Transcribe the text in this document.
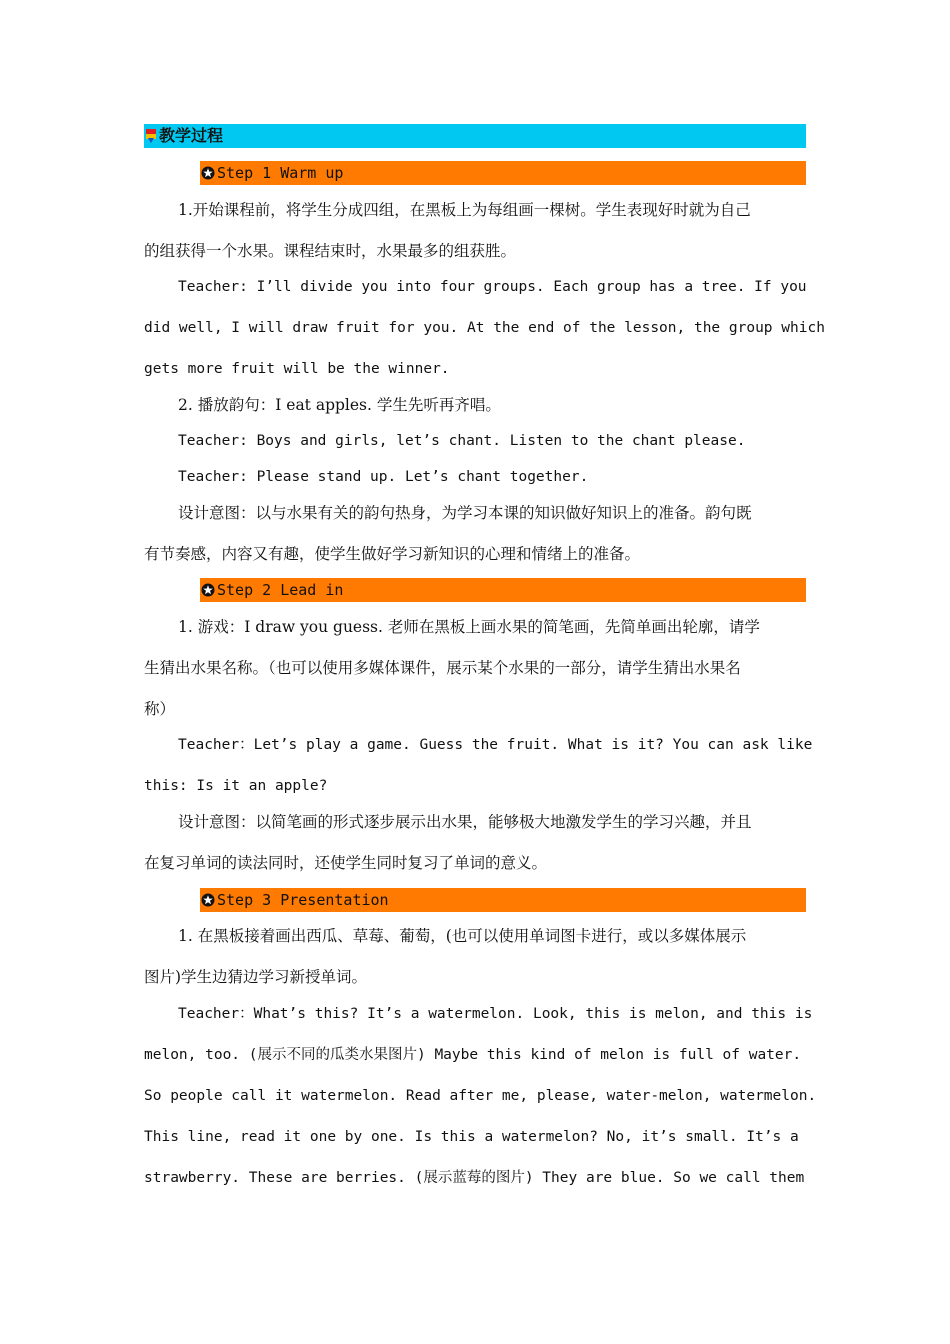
教学过程
Step 1 Warm up
1.开始课程前，将学生分成四组，在黑板上为每组画一棵树。学生表现好时就为自己
的组获得一个水果。课程结束时，水果最多的组获胜。
Teacher: I’ll divide you into four groups. Each group has a tree. If you
did well, I will draw fruit for you. At the end of the lesson, the group which
gets more fruit will be the winner.
2. 播放韵句：I eat apples. 学生先听再齐唱。
Teacher: Boys and girls, let’s chant. Listen to the chant please.
Teacher: Please stand up. Let’s chant together.
设计意图：以与水果有关的韵句热身，为学习本课的知识做好知识上的准备。韵句既
有节奏感，内容又有趣，使学生做好学习新知识的心理和情绪上的准备。
Step 2 Lead in
1. 游戏：I draw you guess. 老师在黑板上画水果的简笔画，先简单画出轮廓，请学
生猜出水果名称。（也可以使用多媒体课件，展示某个水果的一部分，请学生猜出水果名
称）
Teacher：Let’s play a game. Guess the fruit. What is it? You can ask like
this: Is it an apple?
设计意图：以简笔画的形式逐步展示出水果，能够极大地激发学生的学习兴趣，并且
在复习单词的读法同时，还使学生同时复习了单词的意义。
Step 3 Presentation
1. 在黑板接着画出西瓜、草莓、葡萄，(也可以使用单词图卡进行，或以多媒体展示
图片)学生边猜边学习新授单词。
Teacher：What’s this? It’s a watermelon. Look, this is melon, and this is
melon, too. (展示不同的瓜类水果图片) Maybe this kind of melon is full of water.
So people call it watermelon. Read after me, please, water-melon, watermelon.
This line, read it one by one. Is this a watermelon? No, it’s small. It’s a
strawberry. These are berries. (展示蓝莓的图片) They are blue. So we call them
